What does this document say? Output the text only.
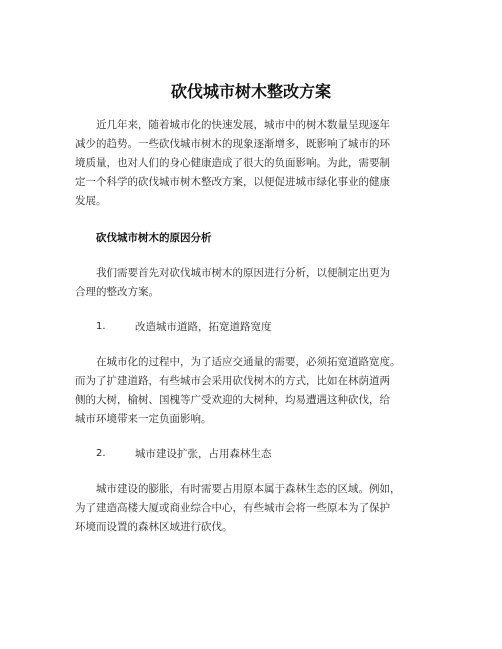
砍伐城市树木整改方案
近几年来，随着城市化的快速发展，城市中的树木数量呈现逐年
减少的趋势。一些砍伐城市树木的现象逐渐增多，既影响了城市的环
境质量，也对人们的身心健康造成了很大的负面影响。为此，需要制
定一个科学的砍伐城市树木整改方案，以便促进城市绿化事业的健康
发展。
砍伐城市树木的原因分析
我们需要首先对砍伐城市树木的原因进行分析，以便制定出更为
合理的整改方案。
1.	改造城市道路，拓宽道路宽度
在城市化的过程中，为了适应交通量的需要，必须拓宽道路宽度。
而为了扩建道路，有些城市会采用砍伐树木的方式，比如在林荫道两
侧的大树，榆树、国槐等广受欢迎的大树种，均易遭遇这种砍伐，给
城市环境带来一定负面影响。
2.	城市建设扩张，占用森林生态
城市建设的膨胀，有时需要占用原本属于森林生态的区域。例如，
为了建造高楼大厦或商业综合中心，有些城市会将一些原本为了保护
环境而设置的森林区域进行砍伐。
